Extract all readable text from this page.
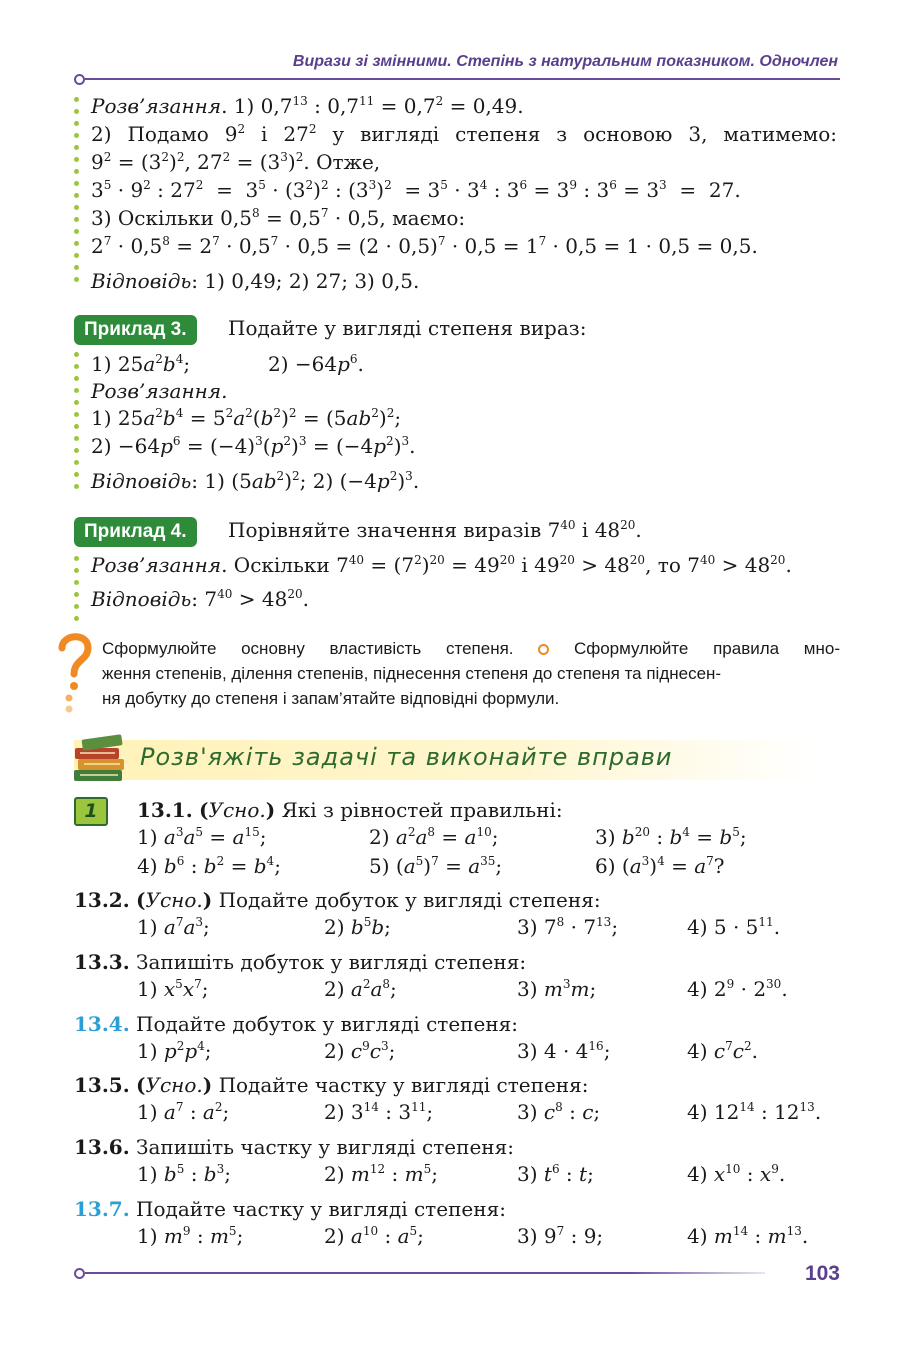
Вирази зі змінними. Степінь з натуральним показником. Одночлен
Розв’язання. 1) $0,7^{13}$ : $0,7^{11} = 0,7^2 = 0,49$.
2) Подамо $9^2$ і $27^2$ у вигляді степеня з основою 3, матимемо:
$9^2 = (3^2)^2$, $27^2 = (3^3)^2$. Отже,
$3^5 \cdot 9^2$ : $27^2 = 3^5 \cdot (3^2)^2$ : $(3^3)^2 = 3^5 \cdot 3^4$ : $3^6 = 3^9$ : $3^6 = 3^3 = 27$.
3) Оскільки $0,5^8 = 0,5^7 \cdot 0,5$, маємо:
$2^7 \cdot 0,5^8 = 2^7 \cdot 0,5^7 \cdot 0,5 = (2 \cdot 0,5)^7 \cdot 0,5 = 1^7 \cdot 0,5 = 1 \cdot 0,5 = 0,5$.
Відповідь: 1) 0,49; 2) 27; 3) 0,5.
Приклад 3.	Подайте у вигляді степеня вираз:
1) $25a^2b^4$;	$2) -64p^6$.
Розв’язання.
1) $25a^2b^4 = 5^2a^2(b^2)^2 = (5ab^2)^2$;
$2) -64p^6 = (-4)^3(p^2)^3 = (-4p^2)^3$.
Відповідь: 1) $(5ab^2)^2$; 2) $(-4p^2)^3$.
Приклад 4.	Порівняйте значення виразів $7^{40}$ і $48^{20}$.
Розв’язання. Оскільки $7^{40} = (7^2)^{20} = 49^{20}$ і $49^{20} > 48^{20}$, то $7^{40} > 48^{20}$.
Відповідь: $7^{40} > 48^{20}$.
Сформулюйте основну властивість степеня.	Сформулюйте правила мно-
ження степенів, ділення степенів, піднесення степеня до степеня та піднесен-
ня добутку до степеня і запам’ятайте відповідні формули.
Розв'яжіть задачі та виконайте вправи
1	13.1. (Усно.) Які з рівностей правильні:
1) $a^3a^5 = a^{15}$;	2) $a^2a^8 = a^{10}$;	3) $b^{20}$ : $b^4 = b^5$;
4) $b^6$ : $b^2 = b^4$;	5) $(a^5)^7 = a^{35}$;	6) $(a^3)^4 = a^7$?
13.2. (Усно.) Подайте добуток у вигляді степеня:
1) $a^7a^3$;	2) $b^5b$;	3) $7^8 \cdot 7^{13}$;	4) $5 \cdot 5^{11}$.
13.3. Запишіть добуток у вигляді степеня:
1) $x^5x^7$;	2) $a^2a^8$;	3) $m^3m$;	4) $2^9 \cdot 2^{30}$.
13.4. Подайте добуток у вигляді степеня:
1) $p^2p^4$;	2) $c^9c^3$;	3) $4 \cdot 4^{16}$;	4) $c^7c^2$.
13.5. (Усно.) Подайте частку у вигляді степеня:
1) $a^7$ : $a^2$;	2) $3^{14}$ : $3^{11}$;	3) $c^8$ : c;	4) $12^{14}$ : $12^{13}$.
13.6. Запишіть частку у вигляді степеня:
1) $b^5$ : $b^3$;	2) $m^{12}$ : $m^5$;	3) $t^6$ : t;	4) $x^{10}$ : $x^9$.
13.7. Подайте частку у вигляді степеня:
1) $m^9$ : $m^5$;	2) $a^{10}$ : $a^5$;	3) $9^7$ : 9;	4) $m^{14}$ : $m^{13}$.
103
